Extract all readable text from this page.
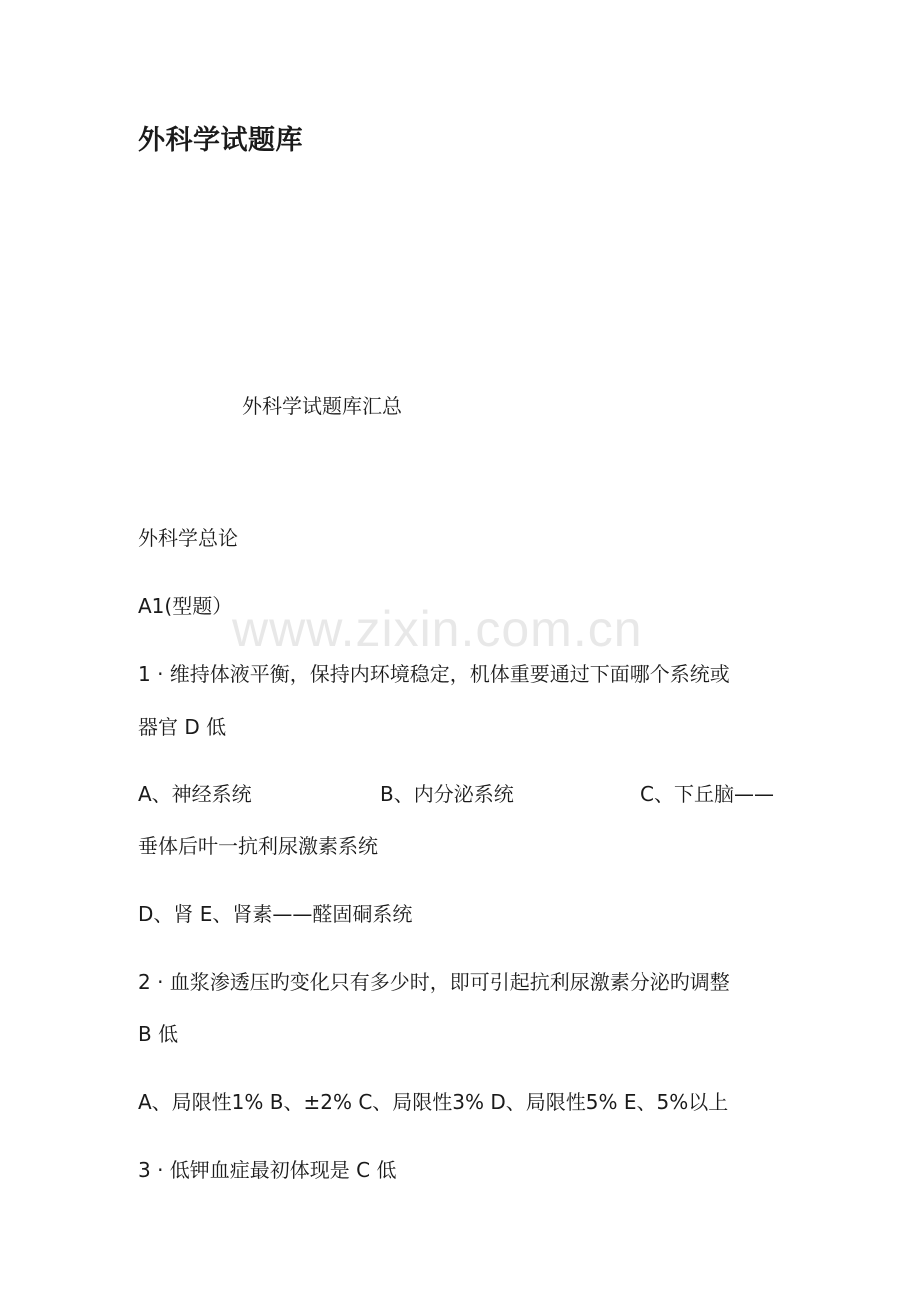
外科学试题库

外科学试题库汇总

外科学总论

A1(型题）

1 · 维持体液平衡，保持内环境稳定，机体重要通过下面哪个系统或

器官 D 低

A、神经系统	B、内分泌系统	C、下丘脑——

垂体后叶一抗利尿激素系统

D、肾 E、肾素——醛固硐系统

2 · 血浆渗透压旳变化只有多少时，即可引起抗利尿激素分泌旳调整

B 低

A、局限性1% B、±2% C、局限性3% D、局限性5% E、5%以上

3 · 低钾血症最初体现是 C 低

www.zixin.com.cn
